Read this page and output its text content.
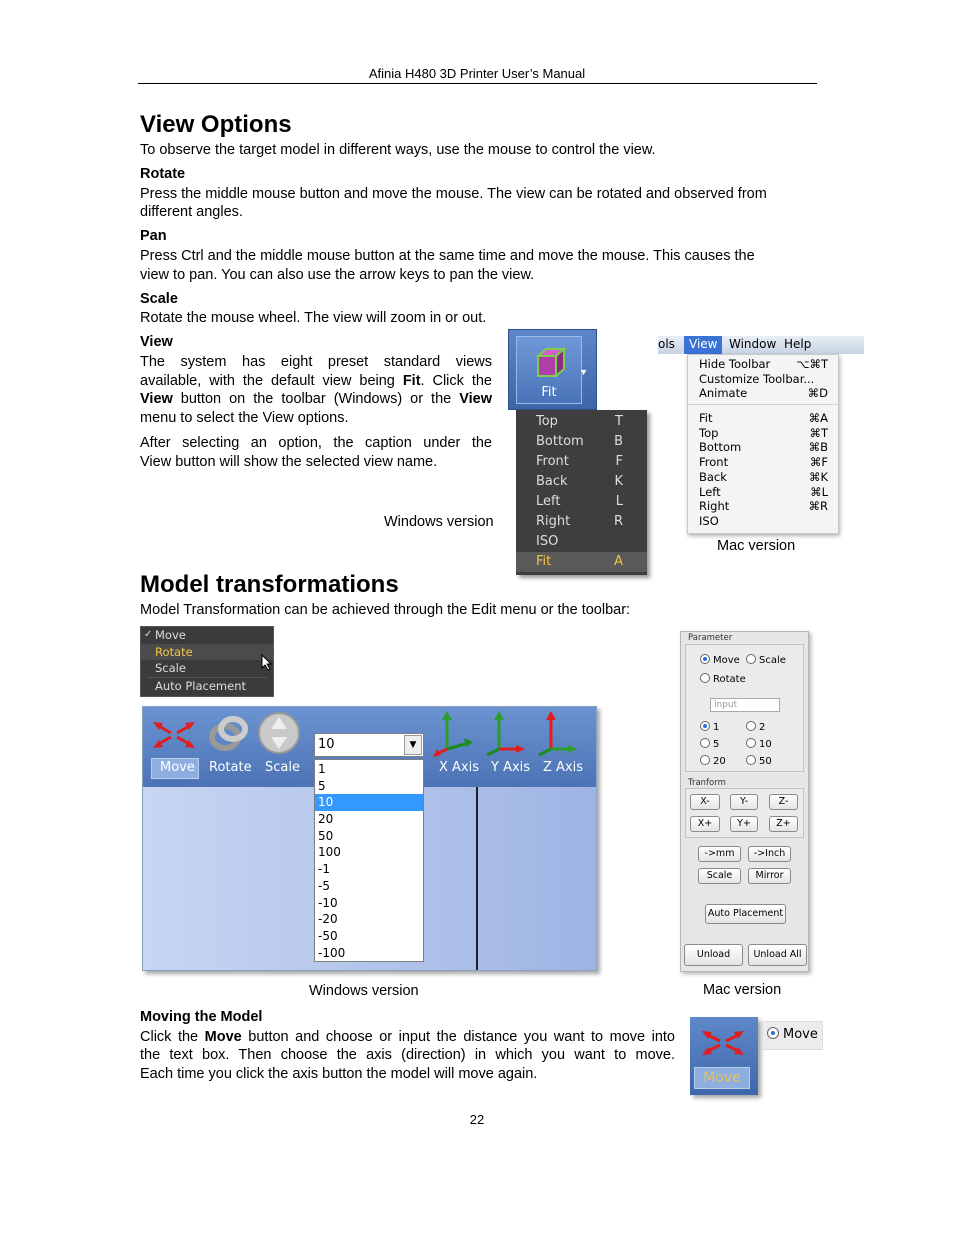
Afinia H480 3D Printer User’s Manual
View Options
To observe the target model in different ways, use the mouse to control the view.
Rotate
Press the middle mouse button and move the mouse. The view can be rotated and observed from
different angles.
Pan
Press Ctrl and the middle mouse button at the same time and move the mouse. This causes the
view to pan. You can also use the arrow keys to pan the view.
Scale
Rotate the mouse wheel. The view will zoom in or out.
View
The system has eight preset standard views
available, with the default view being Fit. Click the
View button on the toolbar (Windows) or the View
menu to select the View options.
After selecting an option, the caption under the
View button will show the selected view name.
Windows version
Fit
▼
Top	T
Bottom B
Front	F
Back	K
Left	L
Right	R
ISO
Fit	A
ols	View Window Help
Hide Toolbar ⌥⌘T
Customize Toolbar...
Animate	⌘D
Fit	⌘A
Top	⌘T
Bottom	⌘B
Front	⌘F
Back	⌘K
Left	⌘L
Right	⌘R
ISO
Mac version
Model transformations
Model Transformation can be achieved through the Edit menu or the toolbar:
✓ Move
Rotate
Scale
Auto Placement
Move Rotate Scale
10	▼
1
5
10
20
50
100
-1
-5
-10
-20
-50
-100
X Axis Y Axis Z Axis
Windows version
Parameter
Move	Scale
Rotate
input
1	2
5	10
20	50
Tranform
X-	Y-	Z-
X+	Y+	Z+
->mm	->Inch
Scale	Mirror
Auto Placement
Unload	Unload All
Mac version
Moving the Model
Click the Move button and choose or input the distance you want to move into
the text box. Then choose the axis (direction) in which you want to move.
Each time you click the axis button the model will move again.	Move
Move
22
